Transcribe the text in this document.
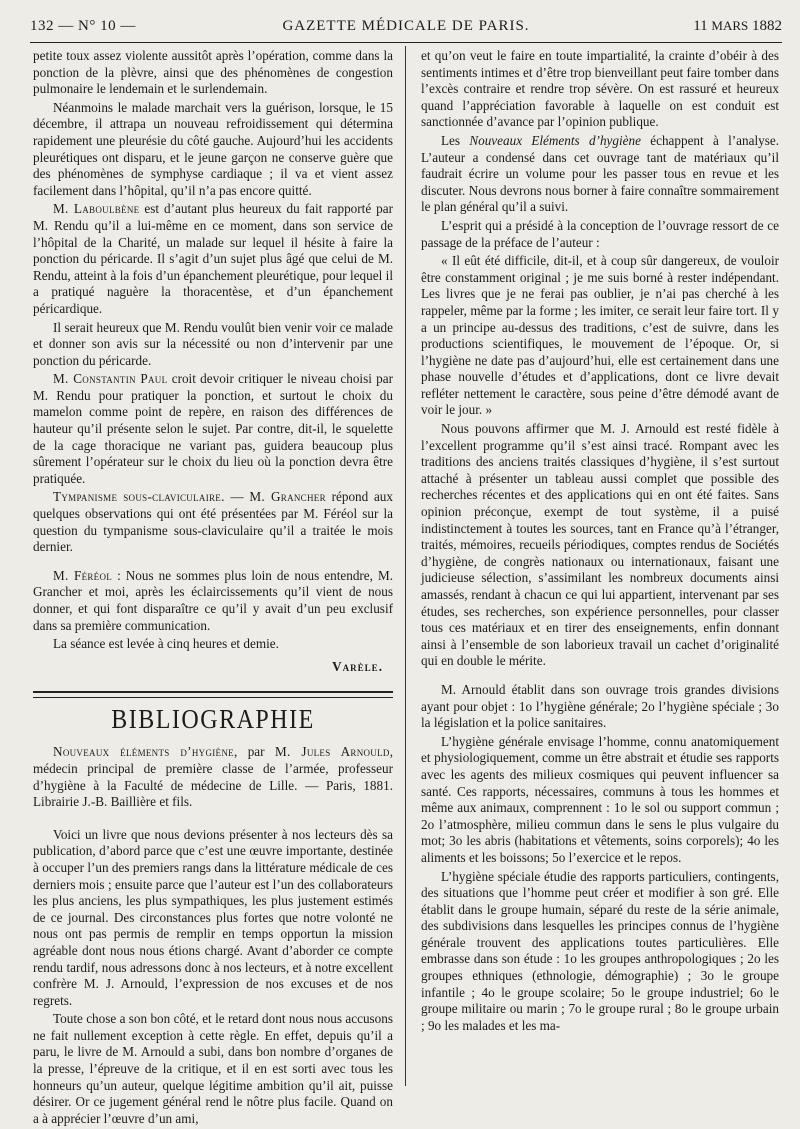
132 — N° 10 —	GAZETTE MÉDICALE DE PARIS.	11 MARS 1882

petite toux assez violente aussitôt après l’opération, comme dans la ponction de la plèvre, ainsi que des phénomènes de congestion pulmonaire le lendemain et le surlendemain.

Néanmoins le malade marchait vers la guérison, lorsque, le 15 décembre, il attrapa un nouveau refroidissement qui détermina rapidement une pleurésie du côté gauche. Aujourd’hui les accidents pleurétiques ont disparu, et le jeune garçon ne conserve guère que des phénomènes de symphyse cardiaque ; il va et vient assez facilement dans l’hôpital, qu’il n’a pas encore quitté.

M. Laboulbène est d’autant plus heureux du fait rapporté par M. Rendu qu’il a lui-même en ce moment, dans son service de l’hôpital de la Charité, un malade sur lequel il hésite à faire la ponction du péricarde. Il s’agit d’un sujet plus âgé que celui de M. Rendu, atteint à la fois d’un épanchement pleurétique, pour lequel il a pratiqué naguère la thoracentèse, et d’un épanchement péricardique.

Il serait heureux que M. Rendu voulût bien venir voir ce malade et donner son avis sur la nécessité ou non d’intervenir par une ponction du péricarde.

M. Constantin Paul croit devoir critiquer le niveau choisi par M. Rendu pour pratiquer la ponction, et surtout le choix du mamelon comme point de repère, en raison des différences de hauteur qu’il présente selon le sujet. Par contre, dit-il, le squelette de la cage thoracique ne variant pas, guidera beaucoup plus sûrement l’opérateur sur le choix du lieu où la ponction devra être pratiquée.

Tympanisme sous-claviculaire. — M. Grancher répond aux quelques observations qui ont été présentées par M. Féréol sur la question du tympanisme sous-claviculaire qu’il a traitée le mois dernier.

M. Féréol : Nous ne sommes plus loin de nous entendre, M. Grancher et moi, après les éclaircissements qu’il vient de nous donner, et qui font disparaître ce qu’il y avait d’un peu exclusif dans sa première communication.

La séance est levée à cinq heures et demie.

Varèle.
BIBLIOGRAPHIE

Nouveaux éléments d’hygiène, par M. Jules Arnould, médecin principal de première classe de l’armée, professeur d’hygiène à la Faculté de médecine de Lille. — Paris, 1881. Librairie J.-B. Baillière et fils.

Voici un livre que nous devions présenter à nos lecteurs dès sa publication, d’abord parce que c’est une œuvre importante, destinée à occuper l’un des premiers rangs dans la littérature médicale de ces derniers mois ; ensuite parce que l’auteur est l’un des collaborateurs les plus anciens, les plus sympathiques, les plus justement estimés de ce journal. Des circonstances plus fortes que notre volonté ne nous ont pas permis de remplir en temps opportun la mission agréable dont nous nous étions chargé. Avant d’aborder ce compte rendu tardif, nous adressons donc à nos lecteurs, et à notre excellent confrère M. J. Arnould, l’expression de nos excuses et de nos regrets.

Toute chose a son bon côté, et le retard dont nous nous accusons ne fait nullement exception à cette règle. En effet, depuis qu’il a paru, le livre de M. Arnould a subi, dans bon nombre d’organes de la presse, l’épreuve de la critique, et il en est sorti avec tous les honneurs qu’un auteur, quelque légitime ambition qu’il ait, puisse désirer. Or ce jugement général rend le nôtre plus facile. Quand on a à apprécier l’œuvre d’un ami,

et qu’on veut le faire en toute impartialité, la crainte d’obéir à des sentiments intimes et d’être trop bienveillant peut faire tomber dans l’excès contraire et rendre trop sévère. On est rassuré et heureux quand l’appréciation favorable à laquelle on est conduit est sanctionnée d’avance par l’opinion publique.

Les Nouveaux Eléments d’hygiène échappent à l’analyse. L’auteur a condensé dans cet ouvrage tant de matériaux qu’il faudrait écrire un volume pour les passer tous en revue et les discuter. Nous devrons nous borner à faire connaître sommairement le plan général qu’il a suivi.

L’esprit qui a présidé à la conception de l’ouvrage ressort de ce passage de la préface de l’auteur :

« Il eût été difficile, dit-il, et à coup sûr dangereux, de vouloir être constamment original ; je me suis borné à rester indépendant. Les livres que je ne ferai pas oublier, je n’ai pas cherché à les rappeler, même par la forme ; les imiter, ce serait leur faire tort. Il y a un principe au-dessus des traditions, c’est de suivre, dans les productions scientifiques, le mouvement de l’époque. Or, si l’hygiène ne date pas d’aujourd’hui, elle est certainement dans une phase nouvelle d’études et d’applications, dont ce livre devait refléter nettement le caractère, sous peine d’être démodé avant de voir le jour. »

Nous pouvons affirmer que M. J. Arnould est resté fidèle à l’excellent programme qu’il s’est ainsi tracé. Rompant avec les traditions des anciens traités classiques d’hygiène, il s’est surtout attaché à présenter un tableau aussi complet que possible des recherches récentes et des applications qui en ont été faites. Sans opinion préconçue, exempt de tout système, il a puisé indistinctement à toutes les sources, tant en France qu’à l’étranger, traités, mémoires, recueils périodiques, comptes rendus de Sociétés d’hygiène, de congrès nationaux ou internationaux, faisant une judicieuse sélection, s’assimilant les nombreux documents ainsi amassés, rendant à chacun ce qui lui appartient, intervenant par ses études, ses recherches, son expérience personnelles, pour classer tous ces matériaux et en tirer des enseignements, enfin donnant ainsi à l’ensemble de son laborieux travail un cachet d’originalité qui en double le mérite.

M. Arnould établit dans son ouvrage trois grandes divisions ayant pour objet : 1o l’hygiène générale; 2o l’hygiène spéciale ; 3o la législation et la police sanitaires.

L’hygiène générale envisage l’homme, connu anatomiquement et physiologiquement, comme un être abstrait et étudie ses rapports avec les agents des milieux cosmiques qui peuvent influencer sa santé. Ces rapports, nécessaires, communs à tous les hommes et même aux animaux, comprennent : 1o le sol ou support commun ; 2o l’atmosphère, milieu commun dans le sens le plus vulgaire du mot; 3o les abris (habitations et vêtements, soins corporels); 4o les aliments et les boissons; 5o l’exercice et le repos.

L’hygiène spéciale étudie des rapports particuliers, contingents, des situations que l’homme peut créer et modifier à son gré. Elle établit dans le groupe humain, séparé du reste de la série animale, des subdivisions dans lesquelles les principes connus de l’hygiène générale trouvent des applications toutes particulières. Elle embrasse dans son étude : 1o les groupes anthropologiques ; 2o les groupes ethniques (ethnologie, démographie) ; 3o le groupe infantile ; 4o le groupe scolaire; 5o le groupe industriel; 6o le groupe militaire ou marin ; 7o le groupe rural ; 8o le groupe urbain ; 9o les malades et les ma-
